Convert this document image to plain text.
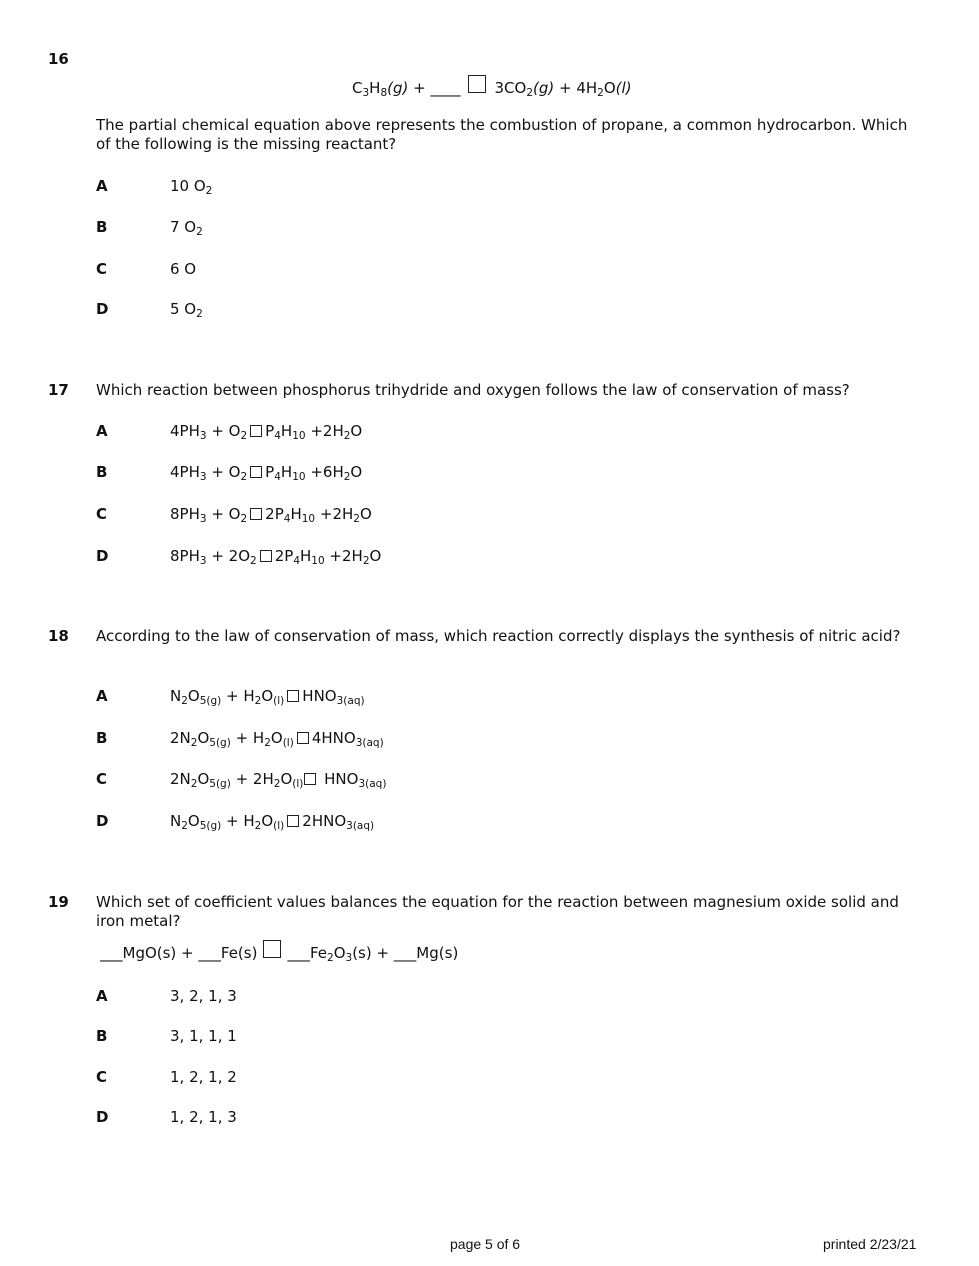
16
$C_3H_8(g)$ + ____ $3CO_2(g) + 4H_2O(l)$
The partial chemical equation above represents the combustion of propane, a common hydrocarbon. Which of the following is the missing reactant?
A	10 $O_2$
B	7 $O_2$
C	6 O
D	5 $O_2$
17 Which reaction between phosphorus trihydride and oxygen follows the law of conservation of mass?
A	$4PH_3 + O_2$ $P_4H_{10} +2H_2O$
B	$4PH_3 + O_2$ $P_4H_{10} +6H_2O$
C	$8PH_3 + O_2$ $2P_4H_{10} +2H_2O$
D	$8PH_3 + 2O_2$ $2P_4H_{10} +2H_2O$
18 According to the law of conservation of mass, which reaction correctly displays the synthesis of nitric acid?
A	$N_2O_{5(g)} + H_2O_{(l)}$ $HNO_{3(aq)}$
B	$2N_2O_{5(g)} + H_2O_{(l)}$ $4HNO_{3(aq)}$
C	$2N_2O_{5(g)} + 2H_2O_{(l)}$ $HNO_{3(aq)}$
D	$N_2O_{5(g)} + H_2O_{(l)}$ $2HNO_{3(aq)}$
19 Which set of coefficient values balances the equation for the reaction between magnesium oxide solid and iron metal?
___MgO(s) + ___Fe(s) $\_\_\_Fe_2O_3(s)$ + ___Mg(s)
A	3, 2, 1, 3
B	3, 1, 1, 1
C	1, 2, 1, 2
D	1, 2, 1, 3
page 5 of 6	printed 2/23/21
